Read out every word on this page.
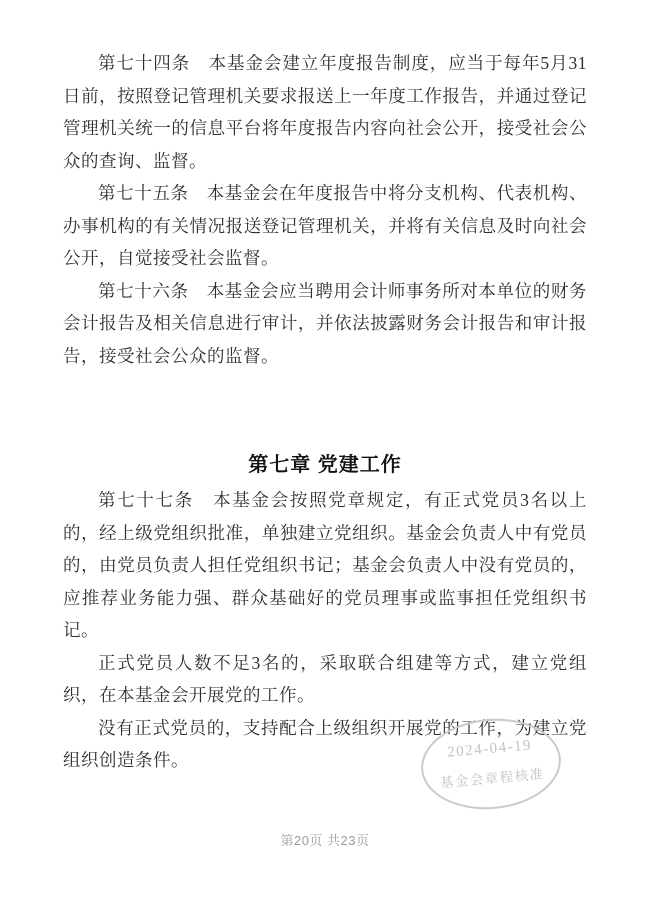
第七十四条　本基金会建立年度报告制度，应当于每年5月31日前，按照登记管理机关要求报送上一年度工作报告，并通过登记管理机关统一的信息平台将年度报告内容向社会公开，接受社会公众的查询、监督。

第七十五条　本基金会在年度报告中将分支机构、代表机构、办事机构的有关情况报送登记管理机关，并将有关信息及时向社会公开，自觉接受社会监督。

第七十六条　本基金会应当聘用会计师事务所对本单位的财务会计报告及相关信息进行审计，并依法披露财务会计报告和审计报告，接受社会公众的监督。

第七章 党建工作

第七十七条　本基金会按照党章规定，有正式党员3名以上的，经上级党组织批准，单独建立党组织。基金会负责人中有党员的，由党员负责人担任党组织书记；基金会负责人中没有党员的，应推荐业务能力强、群众基础好的党员理事或监事担任党组织书记。

正式党员人数不足3名的，采取联合组建等方式，建立党组织，在本基金会开展党的工作。

没有正式党员的，支持配合上级组织开展党的工作，为建立党组织创造条件。	2024-04-19
基金会章程核准
第20页 共23页
